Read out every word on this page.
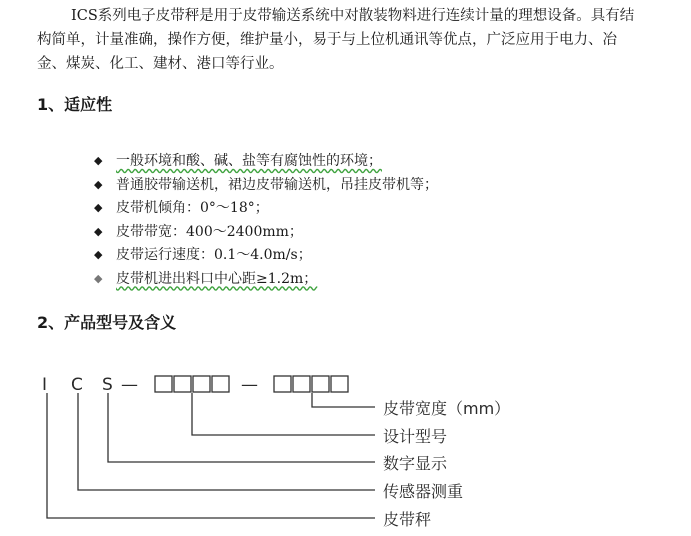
ICS系列电子皮带秤是用于皮带输送系统中对散装物料进行连续计量的理想设备。具有结构简单，计量准确，操作方便，维护量小，易于与上位机通讯等优点，广泛应用于电力、冶金、煤炭、化工、建材、港口等行业。

1、适应性
◆ 一般环境和酸、碱、盐等有腐蚀性的环境；
◆ 普通胶带输送机，裙边皮带输送机，吊挂皮带机等；
◆ 皮带机倾角：0°～18°；
◆ 皮带带宽：400～2400mm；
◆ 皮带运行速度：0.1～4.0m/s；
◆ 皮带机进出料口中心距≥1.2m；
2、产品型号及含义
I C S —	—
皮带宽度（mm）
设计型号
数字显示
传感器测重
皮带秤
